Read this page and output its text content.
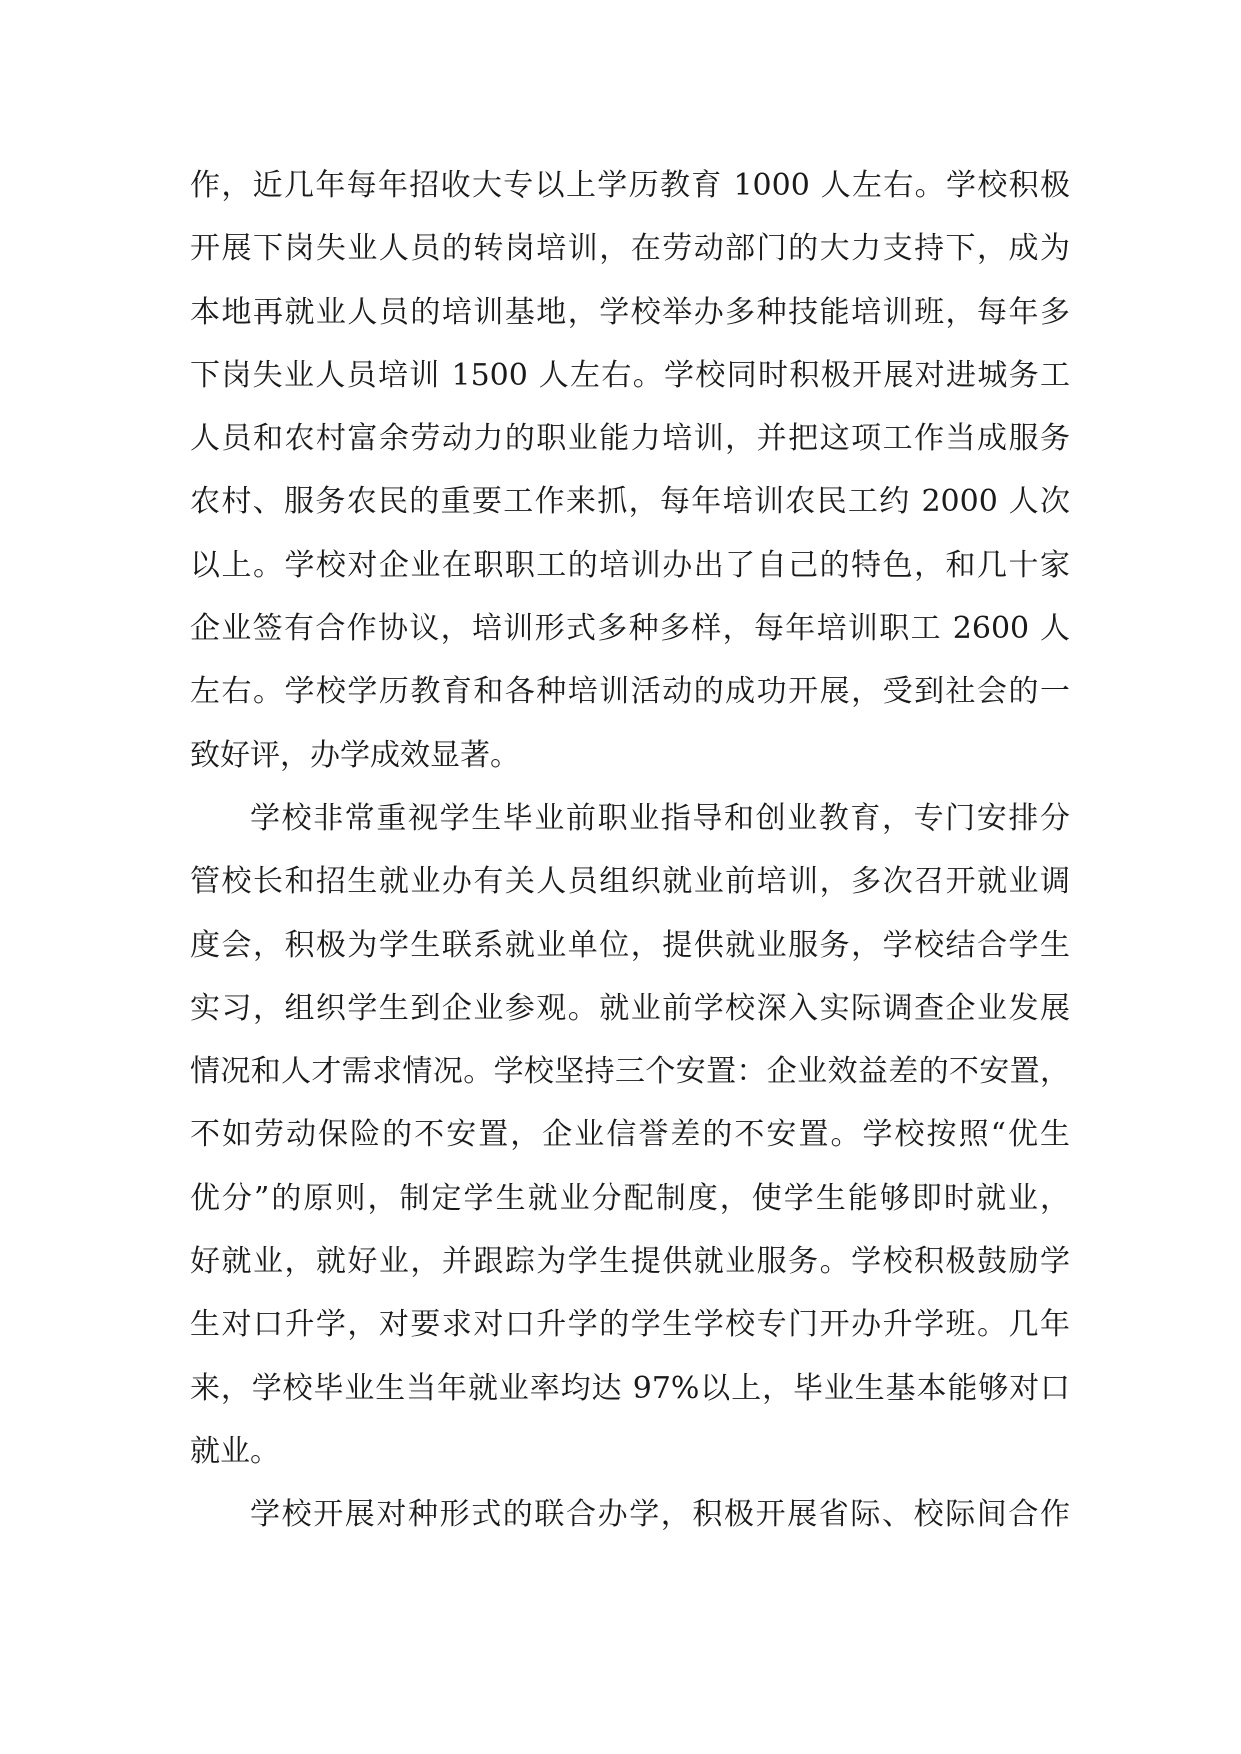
作，近几年每年招收大专以上学历教育 1000 人左右。学校积极
开展下岗失业人员的转岗培训，在劳动部门的大力支持下，成为
本地再就业人员的培训基地，学校举办多种技能培训班，每年多
下岗失业人员培训 1500 人左右。学校同时积极开展对进城务工
人员和农村富余劳动力的职业能力培训，并把这项工作当成服务
农村、服务农民的重要工作来抓，每年培训农民工约 2000 人次
以上。学校对企业在职职工的培训办出了自己的特色，和几十家
企业签有合作协议，培训形式多种多样，每年培训职工 2600 人
左右。学校学历教育和各种培训活动的成功开展，受到社会的一
致好评，办学成效显著。
学校非常重视学生毕业前职业指导和创业教育，专门安排分
管校长和招生就业办有关人员组织就业前培训，多次召开就业调
度会，积极为学生联系就业单位，提供就业服务，学校结合学生
实习，组织学生到企业参观。就业前学校深入实际调查企业发展
情况和人才需求情况。学校坚持三个安置：企业效益差的不安置，
不如劳动保险的不安置，企业信誉差的不安置。学校按照“优生
优分”的原则，制定学生就业分配制度，使学生能够即时就业，
好就业，就好业，并跟踪为学生提供就业服务。学校积极鼓励学
生对口升学，对要求对口升学的学生学校专门开办升学班。几年
来，学校毕业生当年就业率均达 97%以上，毕业生基本能够对口
就业。
学校开展对种形式的联合办学，积极开展省际、校际间合作
